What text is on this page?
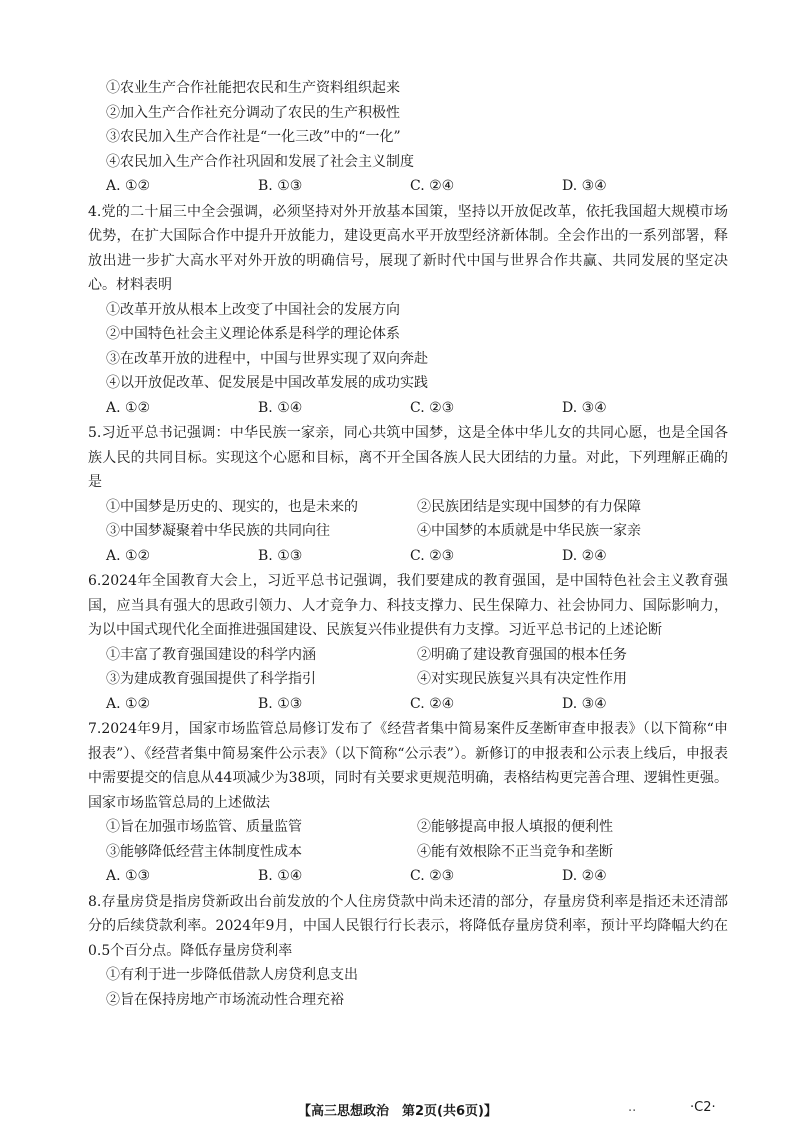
①农业生产合作社能把农民和生产资料组织起来
②加入生产合作社充分调动了农民的生产积极性
③农民加入生产合作社是“一化三改”中的“一化”
④农民加入生产合作社巩固和发展了社会主义制度
A. ①②	B. ①③	C. ②④	D. ③④
4.党的二十届三中全会强调，必须坚持对外开放基本国策，坚持以开放促改革，依托我国超大规模市场优势，在扩大国际合作中提升开放能力，建设更高水平开放型经济新体制。全会作出的一系列部署，释放出进一步扩大高水平对外开放的明确信号，展现了新时代中国与世界合作共赢、共同发展的坚定决心。材料表明
①改革开放从根本上改变了中国社会的发展方向
②中国特色社会主义理论体系是科学的理论体系
③在改革开放的进程中，中国与世界实现了双向奔赴
④以开放促改革、促发展是中国改革发展的成功实践
A. ①②	B. ①④	C. ②③	D. ③④
5.习近平总书记强调：中华民族一家亲，同心共筑中国梦，这是全体中华儿女的共同心愿，也是全国各族人民的共同目标。实现这个心愿和目标，离不开全国各族人民大团结的力量。对此，下列理解正确的是
①中国梦是历史的、现实的，也是未来的	②民族团结是实现中国梦的有力保障
③中国梦凝聚着中华民族的共同向往	④中国梦的本质就是中华民族一家亲
A. ①②	B. ①③	C. ②③	D. ②④
6.2024年全国教育大会上，习近平总书记强调，我们要建成的教育强国，是中国特色社会主义教育强国，应当具有强大的思政引领力、人才竞争力、科技支撑力、民生保障力、社会协同力、国际影响力，为以中国式现代化全面推进强国建设、民族复兴伟业提供有力支撑。习近平总书记的上述论断
①丰富了教育强国建设的科学内涵	②明确了建设教育强国的根本任务
③为建成教育强国提供了科学指引	④对实现民族复兴具有决定性作用
A. ①②	B. ①③	C. ②④	D. ③④
7.2024年9月，国家市场监管总局修订发布了《经营者集中简易案件反垄断审查申报表》（以下简称“申报表”）、《经营者集中简易案件公示表》（以下简称“公示表”）。新修订的申报表和公示表上线后，申报表中需要提交的信息从44项减少为38项，同时有关要求更规范明确，表格结构更完善合理、逻辑性更强。国家市场监管总局的上述做法
①旨在加强市场监管、质量监管	②能够提高申报人填报的便利性
③能够降低经营主体制度性成本	④能有效根除不正当竞争和垄断
A. ①③	B. ①④	C. ②③	D. ②④
8.存量房贷是指房贷新政出台前发放的个人住房贷款中尚未还清的部分，存量房贷利率是指还未还清部分的后续贷款利率。2024年9月，中国人民银行行长表示，将降低存量房贷利率，预计平均降幅大约在0.5个百分点。降低存量房贷利率
①有利于进一步降低借款人房贷利息支出
②旨在保持房地产市场流动性合理充裕
【高三思想政治　第2页(共6页)】	..	·C2·
